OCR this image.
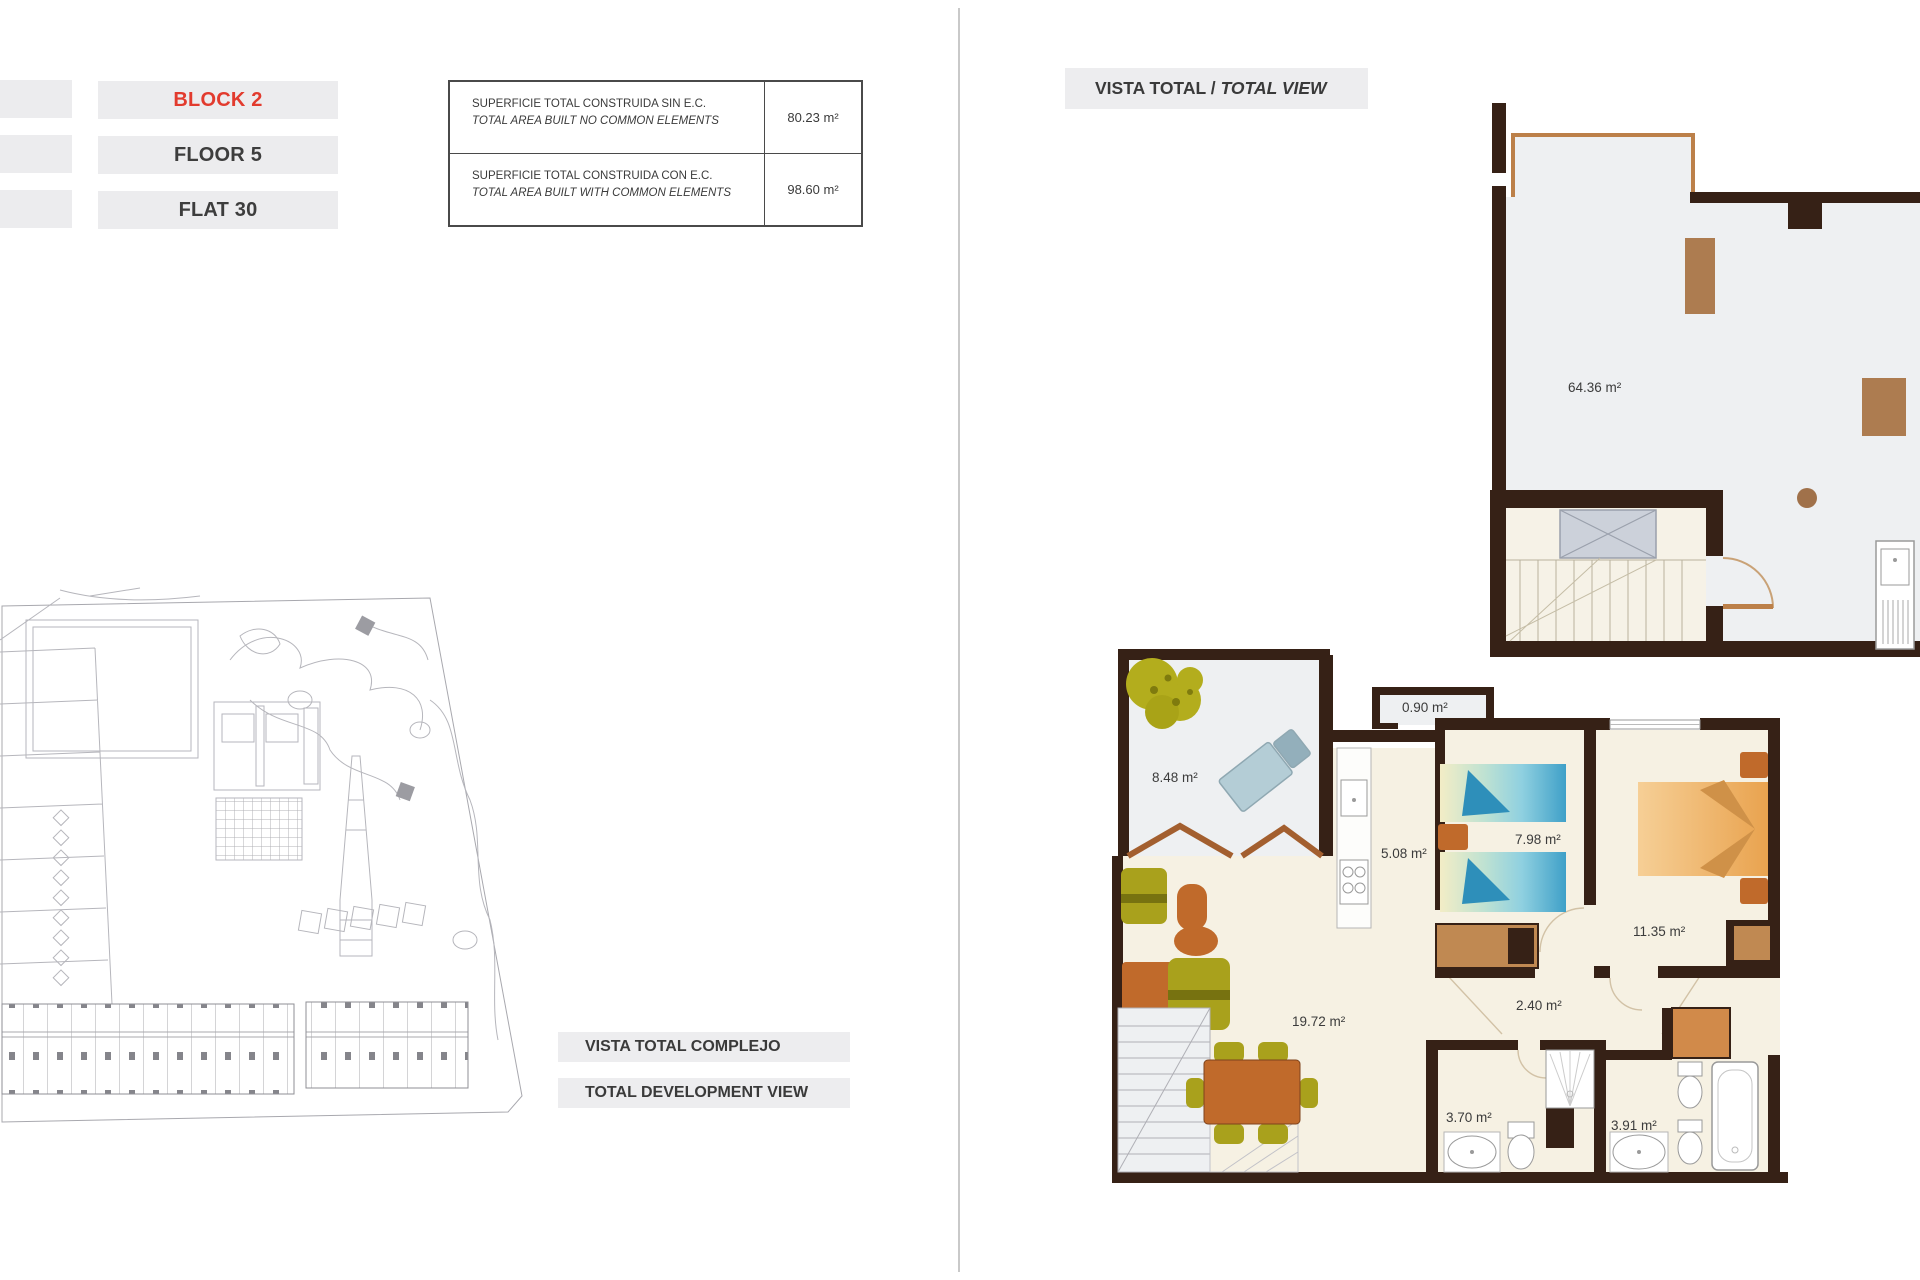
BLOCK 2
FLOOR 5
FLAT 30
SUPERFICIE TOTAL CONSTRUIDA SIN E.C.
TOTAL AREA BUILT NO COMMON ELEMENTS	80.23 m²
SUPERFICIE TOTAL CONSTRUIDA CON E.C.
TOTAL AREA BUILT WITH COMMON ELEMENTS	98.60 m²
VISTA TOTAL / TOTAL VIEW
VISTA TOTAL COMPLEJO
TOTAL DEVELOPMENT VIEW
64.36 m²
8.48 m²
0.90 m²
5.08 m²
7.98 m²
11.35 m²
19.72 m²
2.40 m²
3.70 m²
3.91 m²
